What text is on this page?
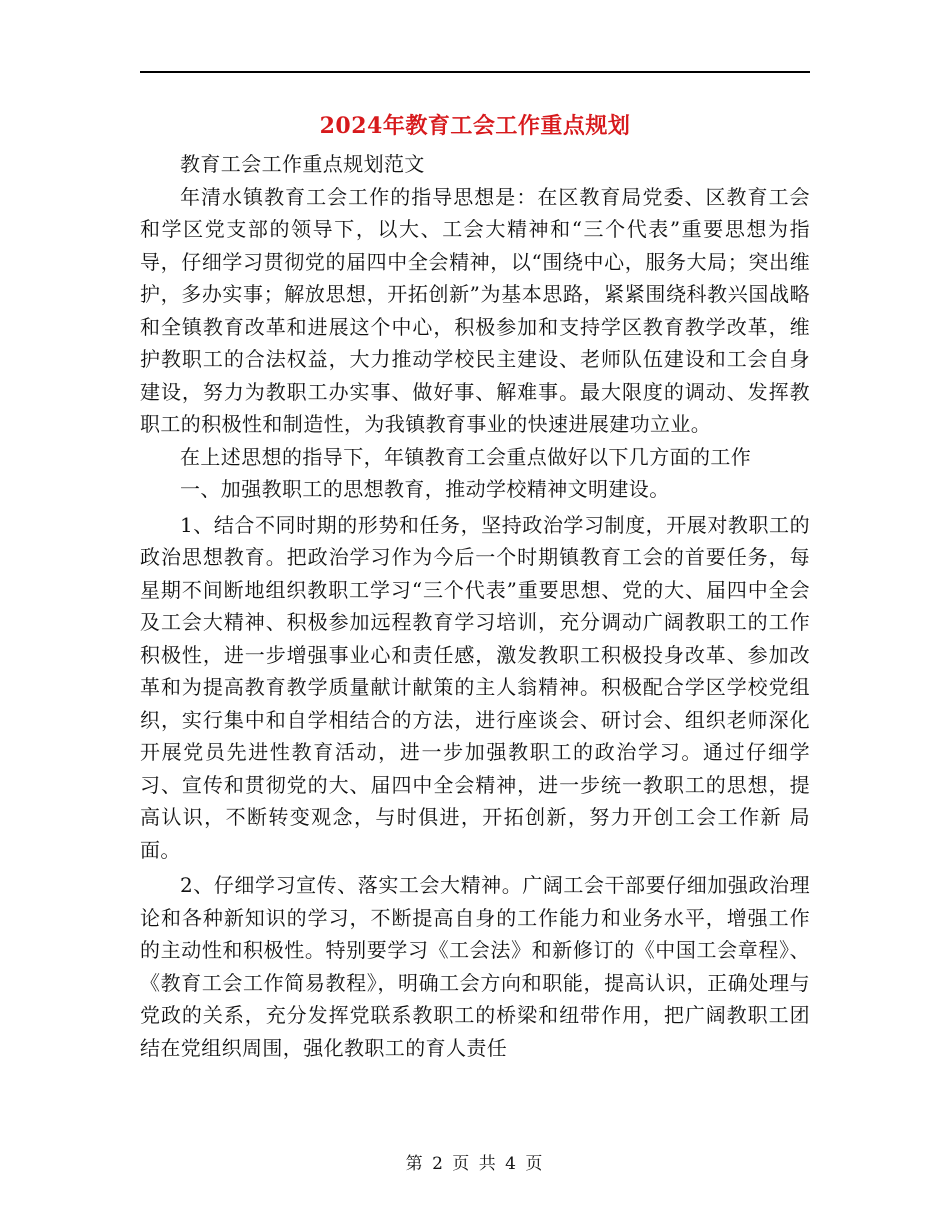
2024年教育工会工作重点规划

教育工会工作重点规划范文

年清水镇教育工会工作的指导思想是：在区教育局党委、区教育工会和学区党支部的领导下，以大、工会大精神和“三个代表”重要思想为指导，仔细学习贯彻党的届四中全会精神，以“围绕中心，服务大局；突出维护，多办实事；解放思想，开拓创新”为基本思路，紧紧围绕科教兴国战略和全镇教育改革和进展这个中心，积极参加和支持学区教育教学改革，维护教职工的合法权益，大力推动学校民主建设、老师队伍建设和工会自身建设，努力为教职工办实事、做好事、解难事。最大限度的调动、发挥教职工的积极性和制造性，为我镇教育事业的快速进展建功立业。

在上述思想的指导下，年镇教育工会重点做好以下几方面的工作

一、加强教职工的思想教育，推动学校精神文明建设。

1、结合不同时期的形势和任务，坚持政治学习制度，开展对教职工的政治思想教育。把政治学习作为今后一个时期镇教育工会的首要任务，每星期不间断地组织教职工学习“三个代表”重要思想、党的大、届四中全会及工会大精神、积极参加远程教育学习培训，充分调动广阔教职工的工作积极性，进一步增强事业心和责任感，激发教职工积极投身改革、参加改革和为提高教育教学质量献计献策的主人翁精神。积极配合学区学校党组织，实行集中和自学相结合的方法，进行座谈会、研讨会、组织老师深化开展党员先进性教育活动，进一步加强教职工的政治学习。通过仔细学习、宣传和贯彻党的大、届四中全会精神，进一步统一教职工的思想，提高认识，不断转变观念，与时俱进，开拓创新，努力开创工会工作新 局面。

2、仔细学习宣传、落实工会大精神。广阔工会干部要仔细加强政治理论和各种新知识的学习，不断提高自身的工作能力和业务水平，增强工作的主动性和积极性。特别要学习《工会法》和新修订的《中国工会章程》、《教育工会工作简易教程》，明确工会方向和职能，提高认识，正确处理与党政的关系，充分发挥党联系教职工的桥梁和纽带作用，把广阔教职工团结在党组织周围，强化教职工的育人责任

第 2 页 共 4 页
